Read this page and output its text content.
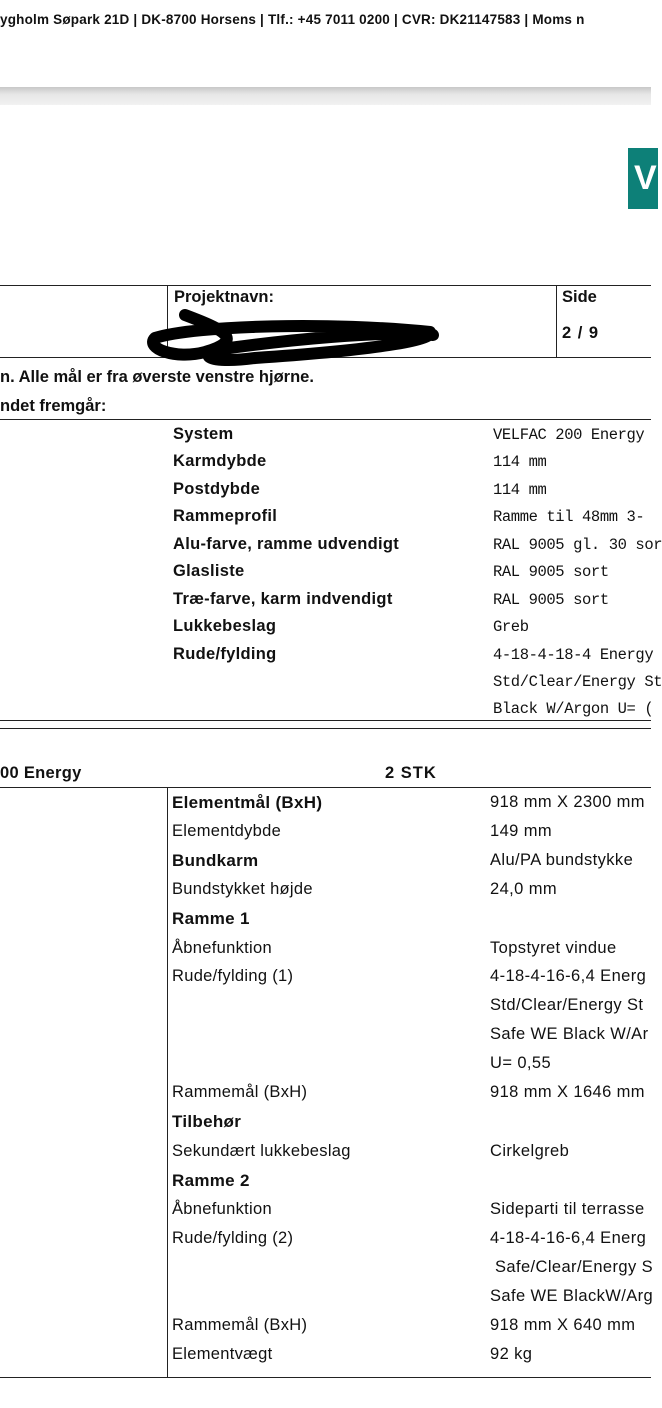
ygholm Søpark 21D | DK-8700 Horsens | Tlf.: +45 7011 0200 | CVR: DK21147583 | Moms n
V
Projektnavn:	Side
2 / 9
n. Alle mål er fra øverste venstre hjørne.
ndet fremgår:
System	VELFAC 200 Energy
Karmdybde	114 mm
Postdybde	114 mm
Rammeprofil	Ramme til 48mm 3-
Alu-farve, ramme udvendigt	RAL 9005 gl. 30 sor
Glasliste	RAL 9005 sort
Træ-farve, karm indvendigt	RAL 9005 sort
Lukkebeslag	Greb
Rude/fylding	4-18-4-18-4 Energy
Std/Clear/Energy St
Black W/Argon U= (
00 Energy	2 STK
Elementmål (BxH)	918 mm X 2300 mm
Elementdybde	149 mm
Bundkarm	Alu/PA bundstykke
Bundstykket højde	24,0 mm
Ramme 1
Åbnefunktion	Topstyret vindue
Rude/fylding (1)	4-18-4-16-6,4 Energ
Std/Clear/Energy St
Safe WE Black W/Ar
U= 0,55
Rammemål (BxH)	918 mm X 1646 mm
Tilbehør
Sekundært lukkebeslag	Cirkelgreb
Ramme 2
Åbnefunktion	Sideparti til terrasse
Rude/fylding (2)	4-18-4-16-6,4 Energ
Safe/Clear/Energy S
Safe WE BlackW/Arg
Rammemål (BxH)	918 mm X 640 mm
Elementvægt	92 kg
